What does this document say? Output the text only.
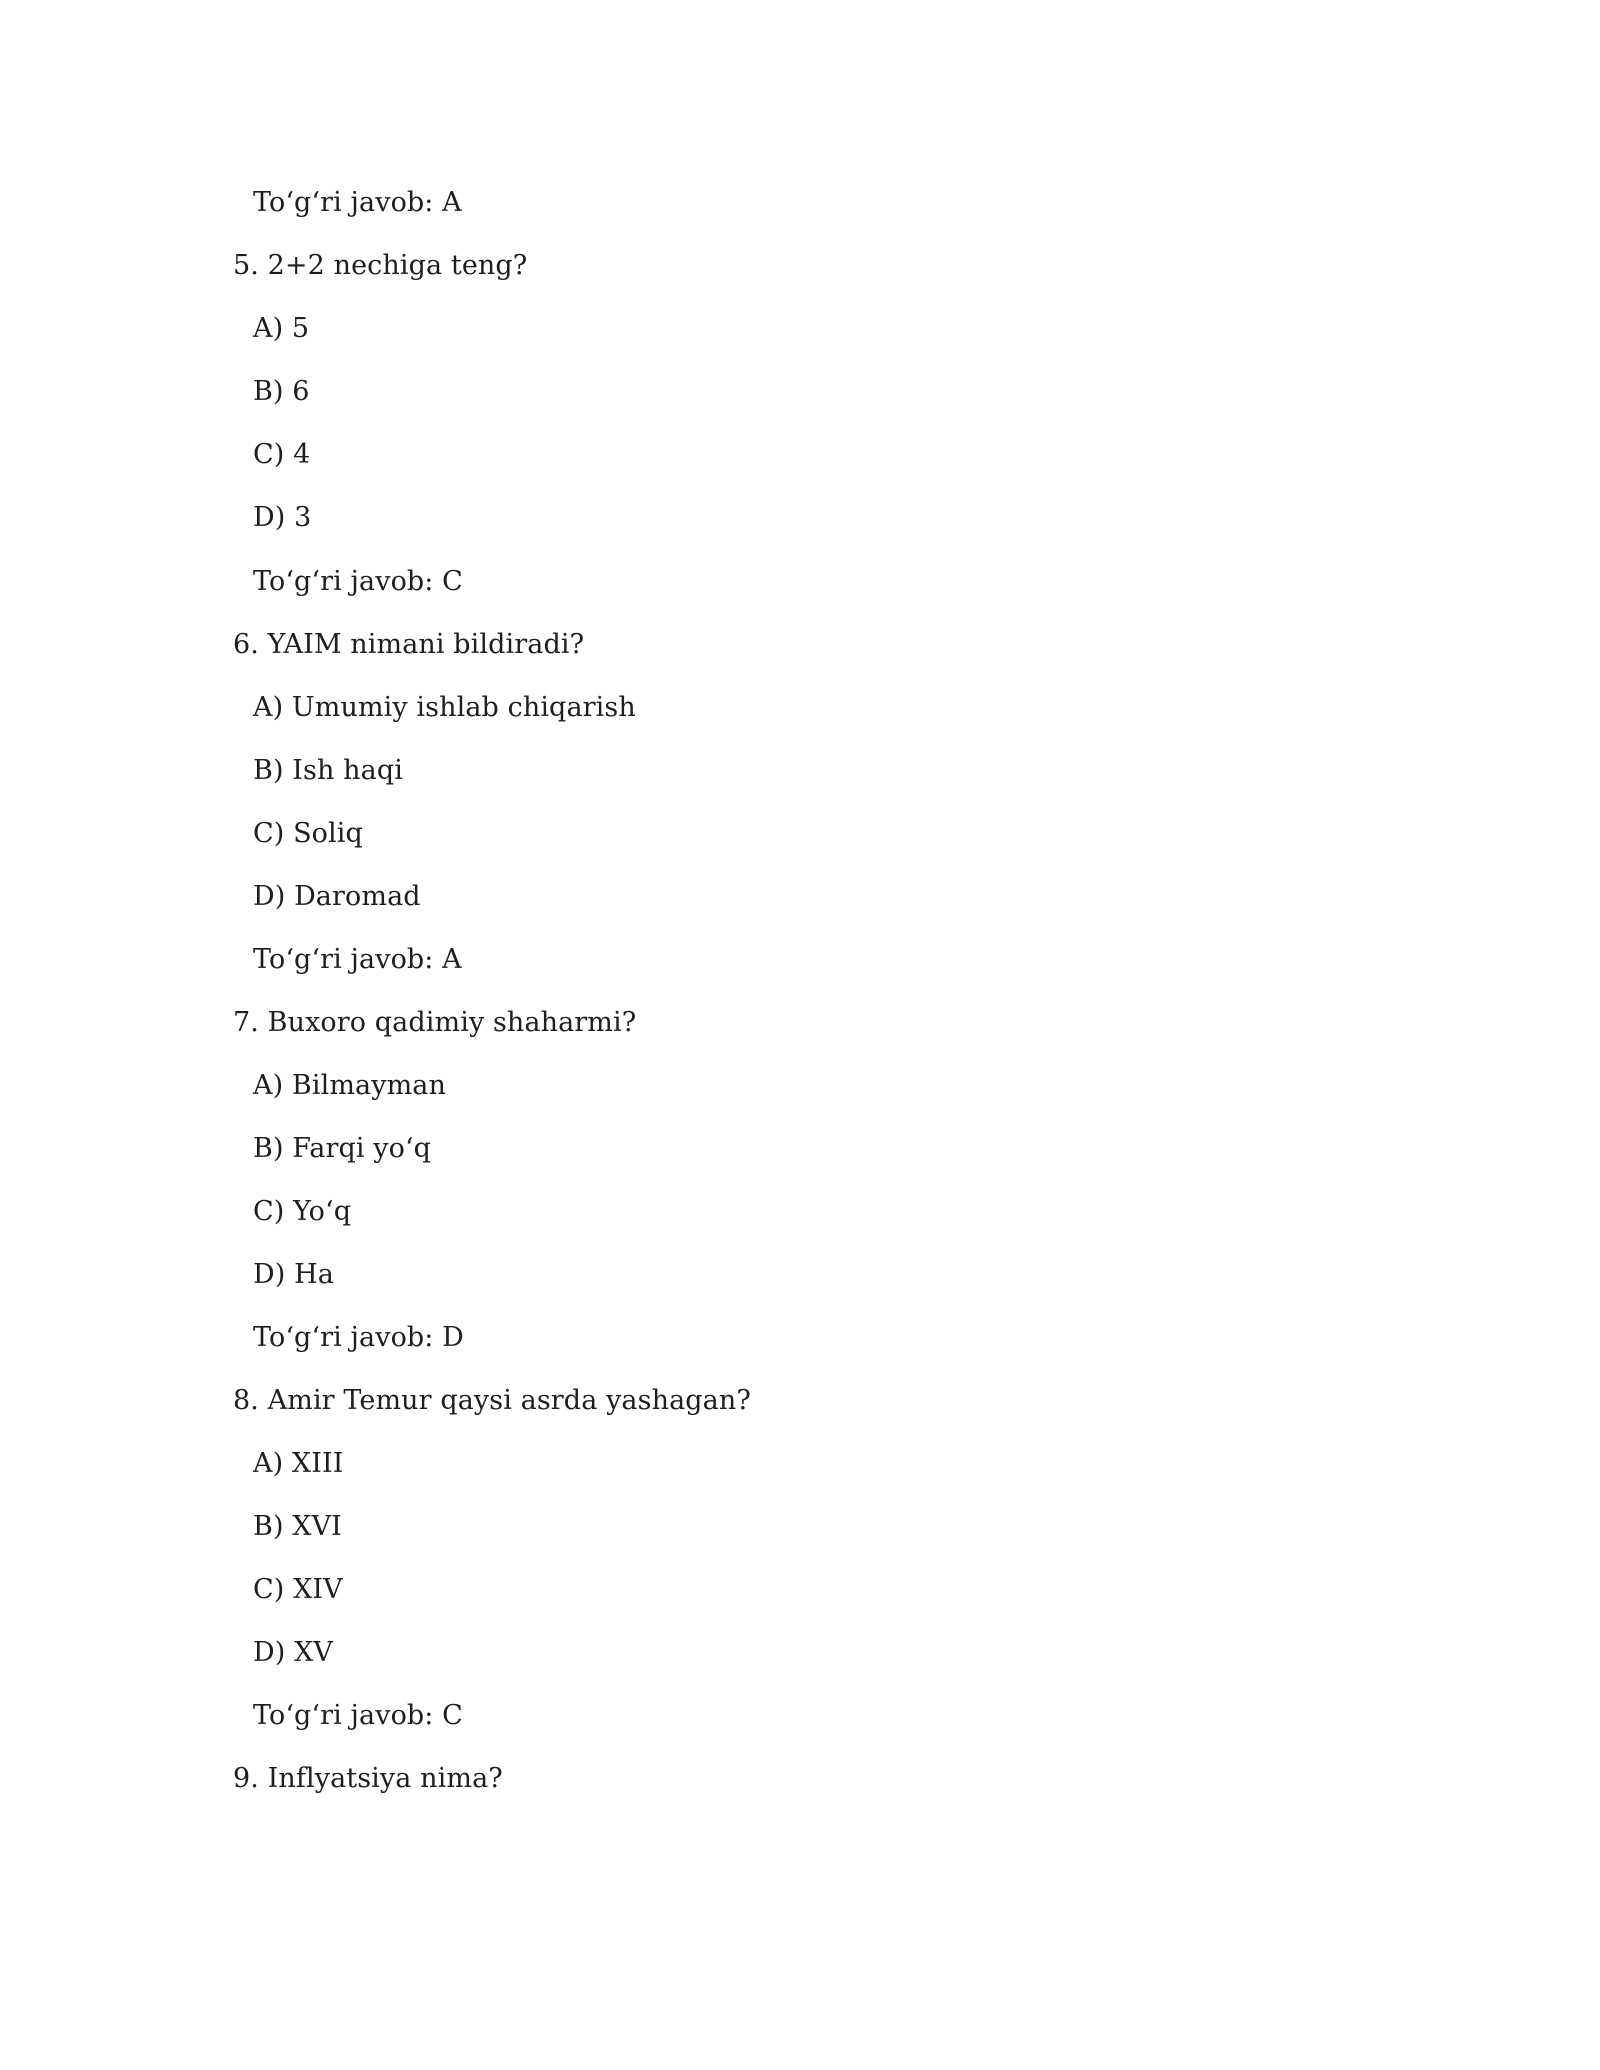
To‘g‘ri javob: A
5. 2+2 nechiga teng?
A) 5
B) 6
C) 4
D) 3
To‘g‘ri javob: C
6. YAIM nimani bildiradi?
A) Umumiy ishlab chiqarish
B) Ish haqi
C) Soliq
D) Daromad
To‘g‘ri javob: A
7. Buxoro qadimiy shaharmi?
A) Bilmayman
B) Farqi yo‘q
C) Yo‘q
D) Ha
To‘g‘ri javob: D
8. Amir Temur qaysi asrda yashagan?
A) XIII
B) XVI
C) XIV
D) XV
To‘g‘ri javob: C
9. Inflyatsiya nima?
